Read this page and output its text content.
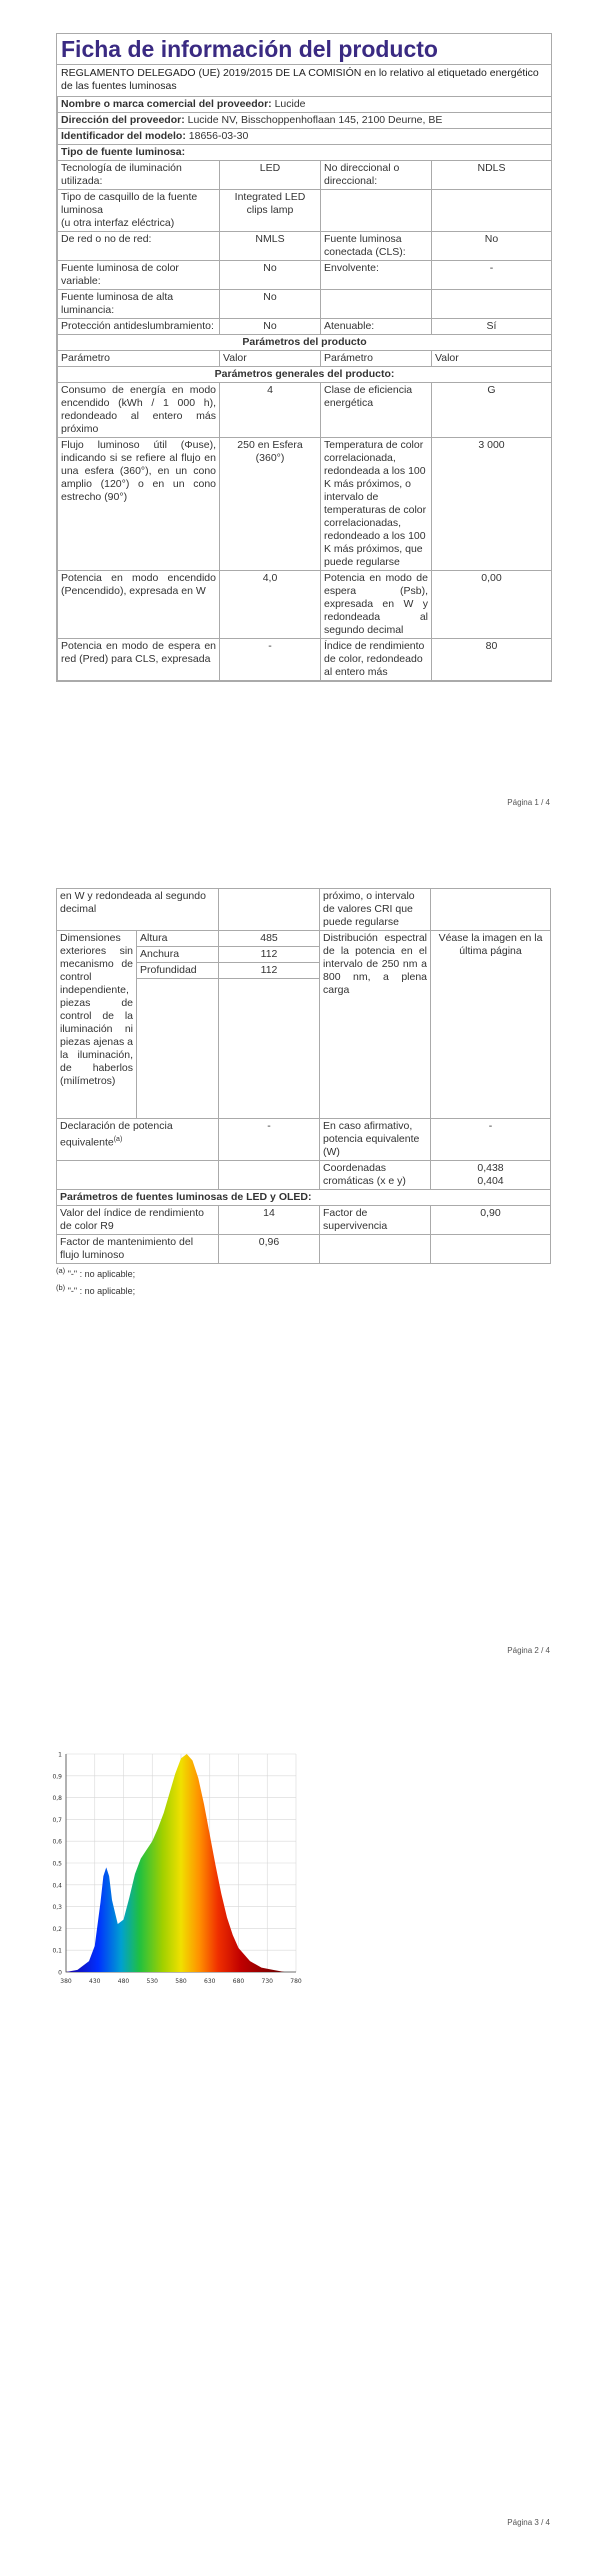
Ficha de información del producto
REGLAMENTO DELEGADO (UE) 2019/2015 DE LA COMISIÓN en lo relativo al etiquetado energético de las fuentes luminosas
Nombre o marca comercial del proveedor: Lucide			
Dirección del proveedor: Lucide NV, Bisschoppenhoflaan 145, 2100 Deurne, BE			
Identificador del modelo: 18656-03-30			
Tipo de fuente luminosa:			
Tecnología de iluminación utilizada:	LED	No direccional o direccional:	NDLS

Tipo de casquillo de la fuente luminosa
(u otra interfaz eléctrica)	Integrated LED clips lamp		
De red o no de red:	NMLS	Fuente luminosa conectada (CLS):	No
Fuente luminosa de color variable:	No	Envolvente:	-
Fuente luminosa de alta luminancia:	No		
Protección antideslumbramiento:	No	Atenuable:	Sí
Parámetros del producto			
Parámetro	Valor	Parámetro	Valor
Parámetros generales del producto:			
Consumo de energía en modo encendido (kWh / 1 000 h), redondeado al entero más próximo	4	Clase de eficiencia energética	G
Flujo luminoso útil (Φuse), indicando si se refiere al flujo en una esfera (360°), en un cono amplio (120°) o en un cono estrecho (90°)	250 en Esfera (360°)	Temperatura de color correlacionada, redondeada a los 100 K más próximos, o intervalo de temperaturas de color correlacionadas, redondeado a los 100 K más próximos, que puede regularse	3 000
Potencia en modo encendido (Pencendido), expresada en W	4,0	Potencia en modo de espera (Psb), expresada en W y redondeada al segundo decimal	0,00
Potencia en modo de espera en red (Pred) para CLS, expresada	-	Índice de rendimiento de color, redondeado al entero más	80
Página 1 / 4
en W y redondeada al segundo decimal			próximo, o intervalo de valores CRI que puede regularse	
Dimensiones exteriores sin mecanismo de control independiente, piezas de control de la iluminación ni piezas ajenas a la iluminación, de haberlos (milímetros)	Altura	485	Distribución espectral de la potencia en el intervalo de 250 nm a 800 nm, a plena carga	Véase la imagen en la última página
	Anchura	112		
	Profundidad	112		

Declaración de potencia equivalente$^{(a)}$		-	En caso afirmativo, potencia equivalente (W)	-
			Coordenadas cromáticas (x e y)	0,438
0,404

Parámetros de fuentes luminosas de LED y OLED:				
Valor del índice de rendimiento de color R9		14	Factor de supervivencia	0,90
Factor de mantenimiento del flujo luminoso		0,96		
$^{(a)}$ "-" : no aplicable;
$^{(b)}$ "-" : no aplicable;
Página 2 / 4
0
0,1
0,2
0,3
0,4
0,5
0,6
0,7
0,8
0,9
1
380	430	480	530	580	630	680	730	780
Página 3 / 4
